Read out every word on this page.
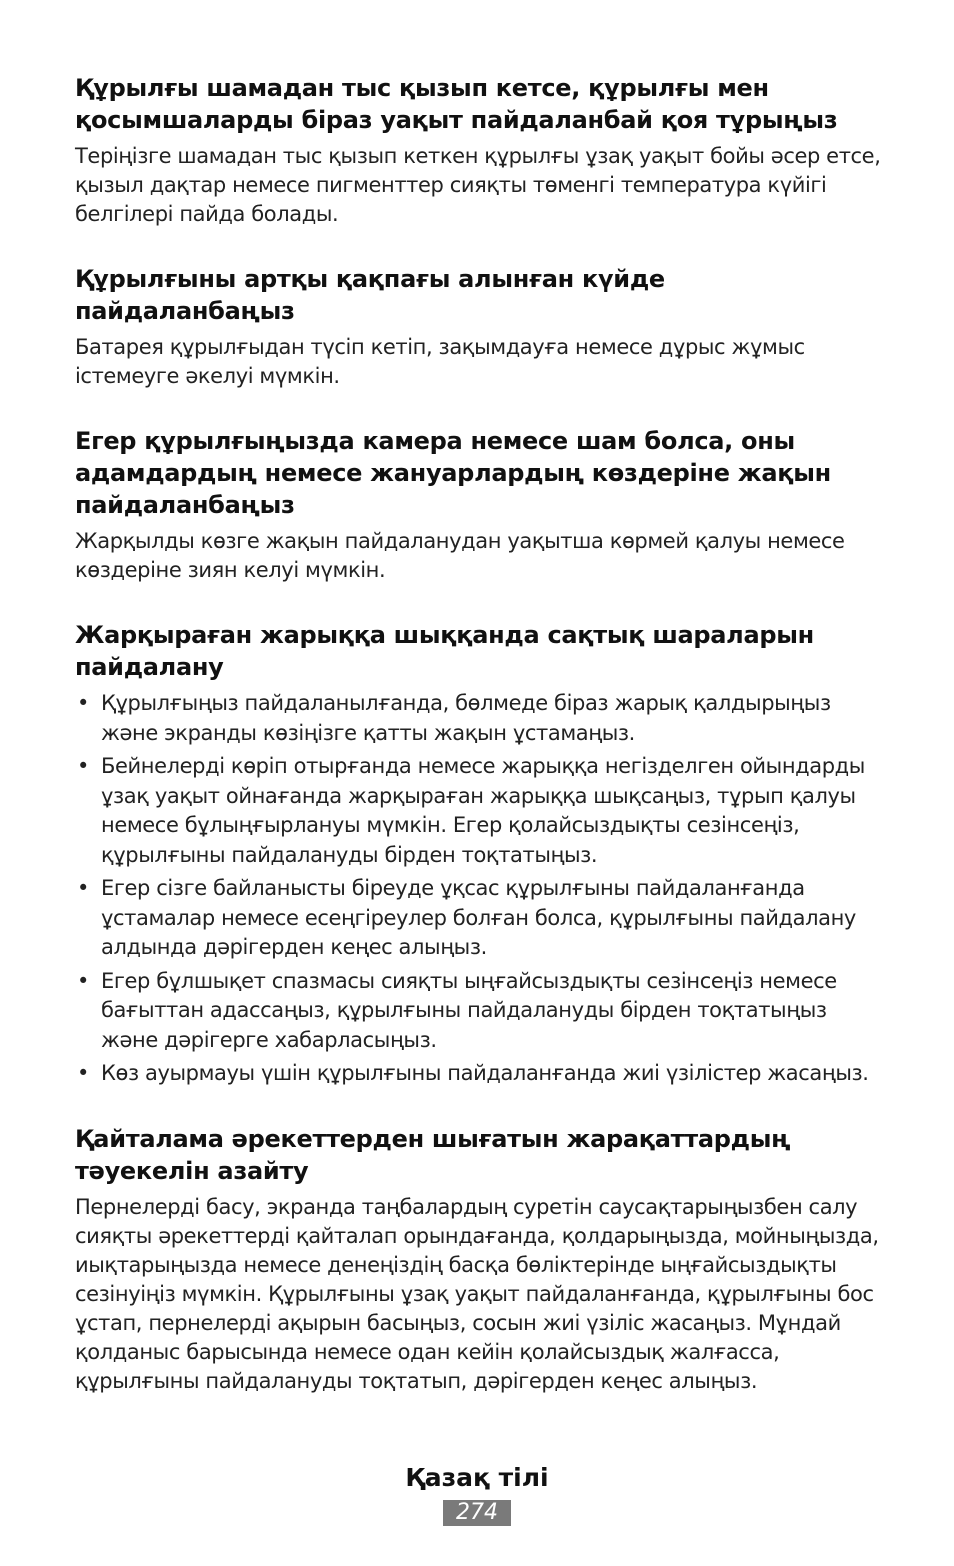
Құрылғы шамадан тыс қызып кетсе, құрылғы мен қосымшаларды біраз уақыт пайдаланбай қоя тұрыңыз

Теріңізге шамадан тыс қызып кеткен құрылғы ұзақ уақыт бойы әсер етсе, қызыл дақтар немесе пигменттер сияқты төменгі температура күйігі белгілері пайда болады.

Құрылғыны артқы қақпағы алынған күйде пайдаланбаңыз

Батарея құрылғыдан түсіп кетіп, зақымдауға немесе дұрыс жұмыс істемеуге әкелуі мүмкін.

Егер құрылғыңызда камера немесе шам болса, оны адамдардың немесе жануарлардың көздеріне жақын пайдаланбаңыз

Жарқылды көзге жақын пайдаланудан уақытша көрмей қалуы немесе көздеріне зиян келуі мүмкін.

Жарқыраған жарыққа шыққанда сақтық шараларын пайдалану
• Құрылғыңыз пайдаланылғанда, бөлмеде біраз жарық қалдырыңыз және экранды көзіңізге қатты жақын ұстамаңыз.
• Бейнелерді көріп отырғанда немесе жарыққа негізделген ойындарды ұзақ уақыт ойнағанда жарқыраған жарыққа шықсаңыз, тұрып қалуы немесе бұлыңғырлануы мүмкін. Егер қолайсыздықты сезінсеңіз, құрылғыны пайдалануды бірден тоқтатыңыз.
• Егер сізге байланысты біреуде ұқсас құрылғыны пайдаланғанда ұстамалар немесе есеңгіреулер болған болса, құрылғыны пайдалану алдында дәрігерден кеңес алыңыз.
• Егер бұлшықет спазмасы сияқты ыңғайсыздықты сезінсеңіз немесе бағыттан адассаңыз, құрылғыны пайдалануды бірден тоқтатыңыз және дәрігерге хабарласыңыз.
• Көз ауырмауы үшін құрылғыны пайдаланғанда жиі үзілістер жасаңыз.
Қайталама әрекеттерден шығатын жарақаттардың тәуекелін азайту

Пернелерді басу, экранда таңбалардың суретін саусақтарыңызбен салу сияқты әрекеттерді қайталап орындағанда, қолдарыңызда, мойныңызда, иықтарыңызда немесе денеңіздің басқа бөліктерінде ыңғайсыздықты сезінуіңіз мүмкін. Құрылғыны ұзақ уақыт пайдаланғанда, құрылғыны бос ұстап, пернелерді ақырын басыңыз, сосын жиі үзіліс жасаңыз. Мұндай қолданыс барысында немесе одан кейін қолайсыздық жалғасса, құрылғыны пайдалануды тоқтатып, дәрігерден кеңес алыңыз.

Қазақ тілі
274
